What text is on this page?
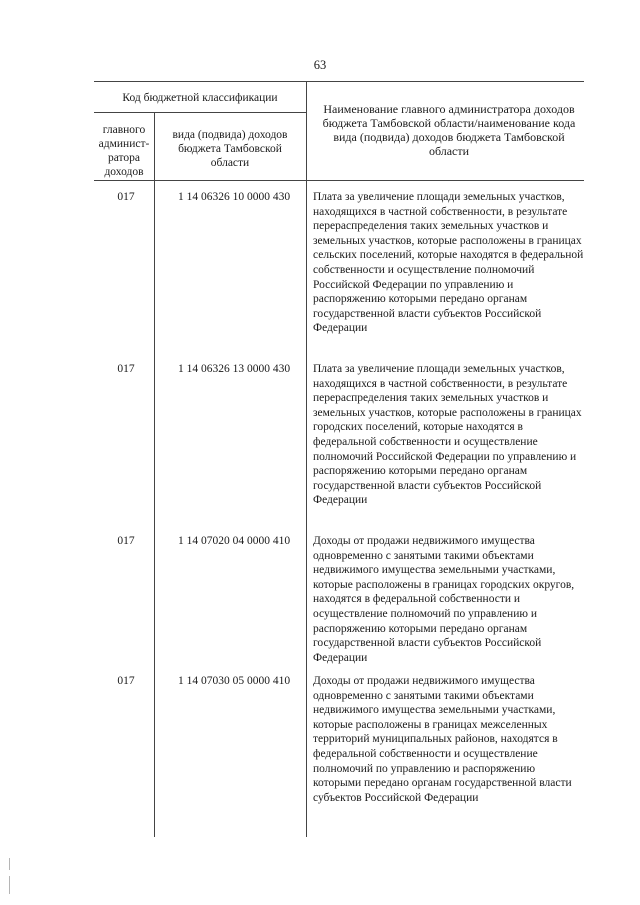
63
Код бюджетной классификации
главного админист-ратора доходов
вида (подвида) доходов бюджета Тамбовской области
Наименование главного администратора доходов бюджета Тамбовской области/наименование кода вида (подвида) доходов бюджета Тамбовской области
017	1 14 06326 10 0000 430	Плата за увеличение площади земельных участков, находящихся в частной собственности, в результате перераспределения таких земельных участков и земельных участков, которые расположены в границах сельских поселений, которые находятся в федеральной собственности и осуществление полномочий Российской Федерации по управлению и распоряжению которыми передано органам государственной власти субъектов Российской Федерации
017	1 14 06326 13 0000 430	Плата за увеличение площади земельных участков, находящихся в частной собственности, в результате перераспределения таких земельных участков и земельных участков, которые расположены в границах городских поселений, которые находятся в федеральной собственности и осуществление полномочий Российской Федерации по управлению и распоряжению которыми передано органам государственной власти субъектов Российской Федерации
017	1 14 07020 04 0000 410	Доходы от продажи недвижимого имущества одновременно с занятыми такими объектами недвижимого имущества земельными участками, которые расположены в границах городских округов, находятся в федеральной собственности и осуществление полномочий по управлению и распоряжению которыми передано органам государственной власти субъектов Российской Федерации
017	1 14 07030 05 0000 410	Доходы от продажи недвижимого имущества одновременно с занятыми такими объектами недвижимого имущества земельными участками, которые расположены в границах межселенных территорий муниципальных районов, находятся в федеральной собственности и осуществление полномочий по управлению и распоряжению которыми передано органам государственной власти субъектов Российской Федерации
